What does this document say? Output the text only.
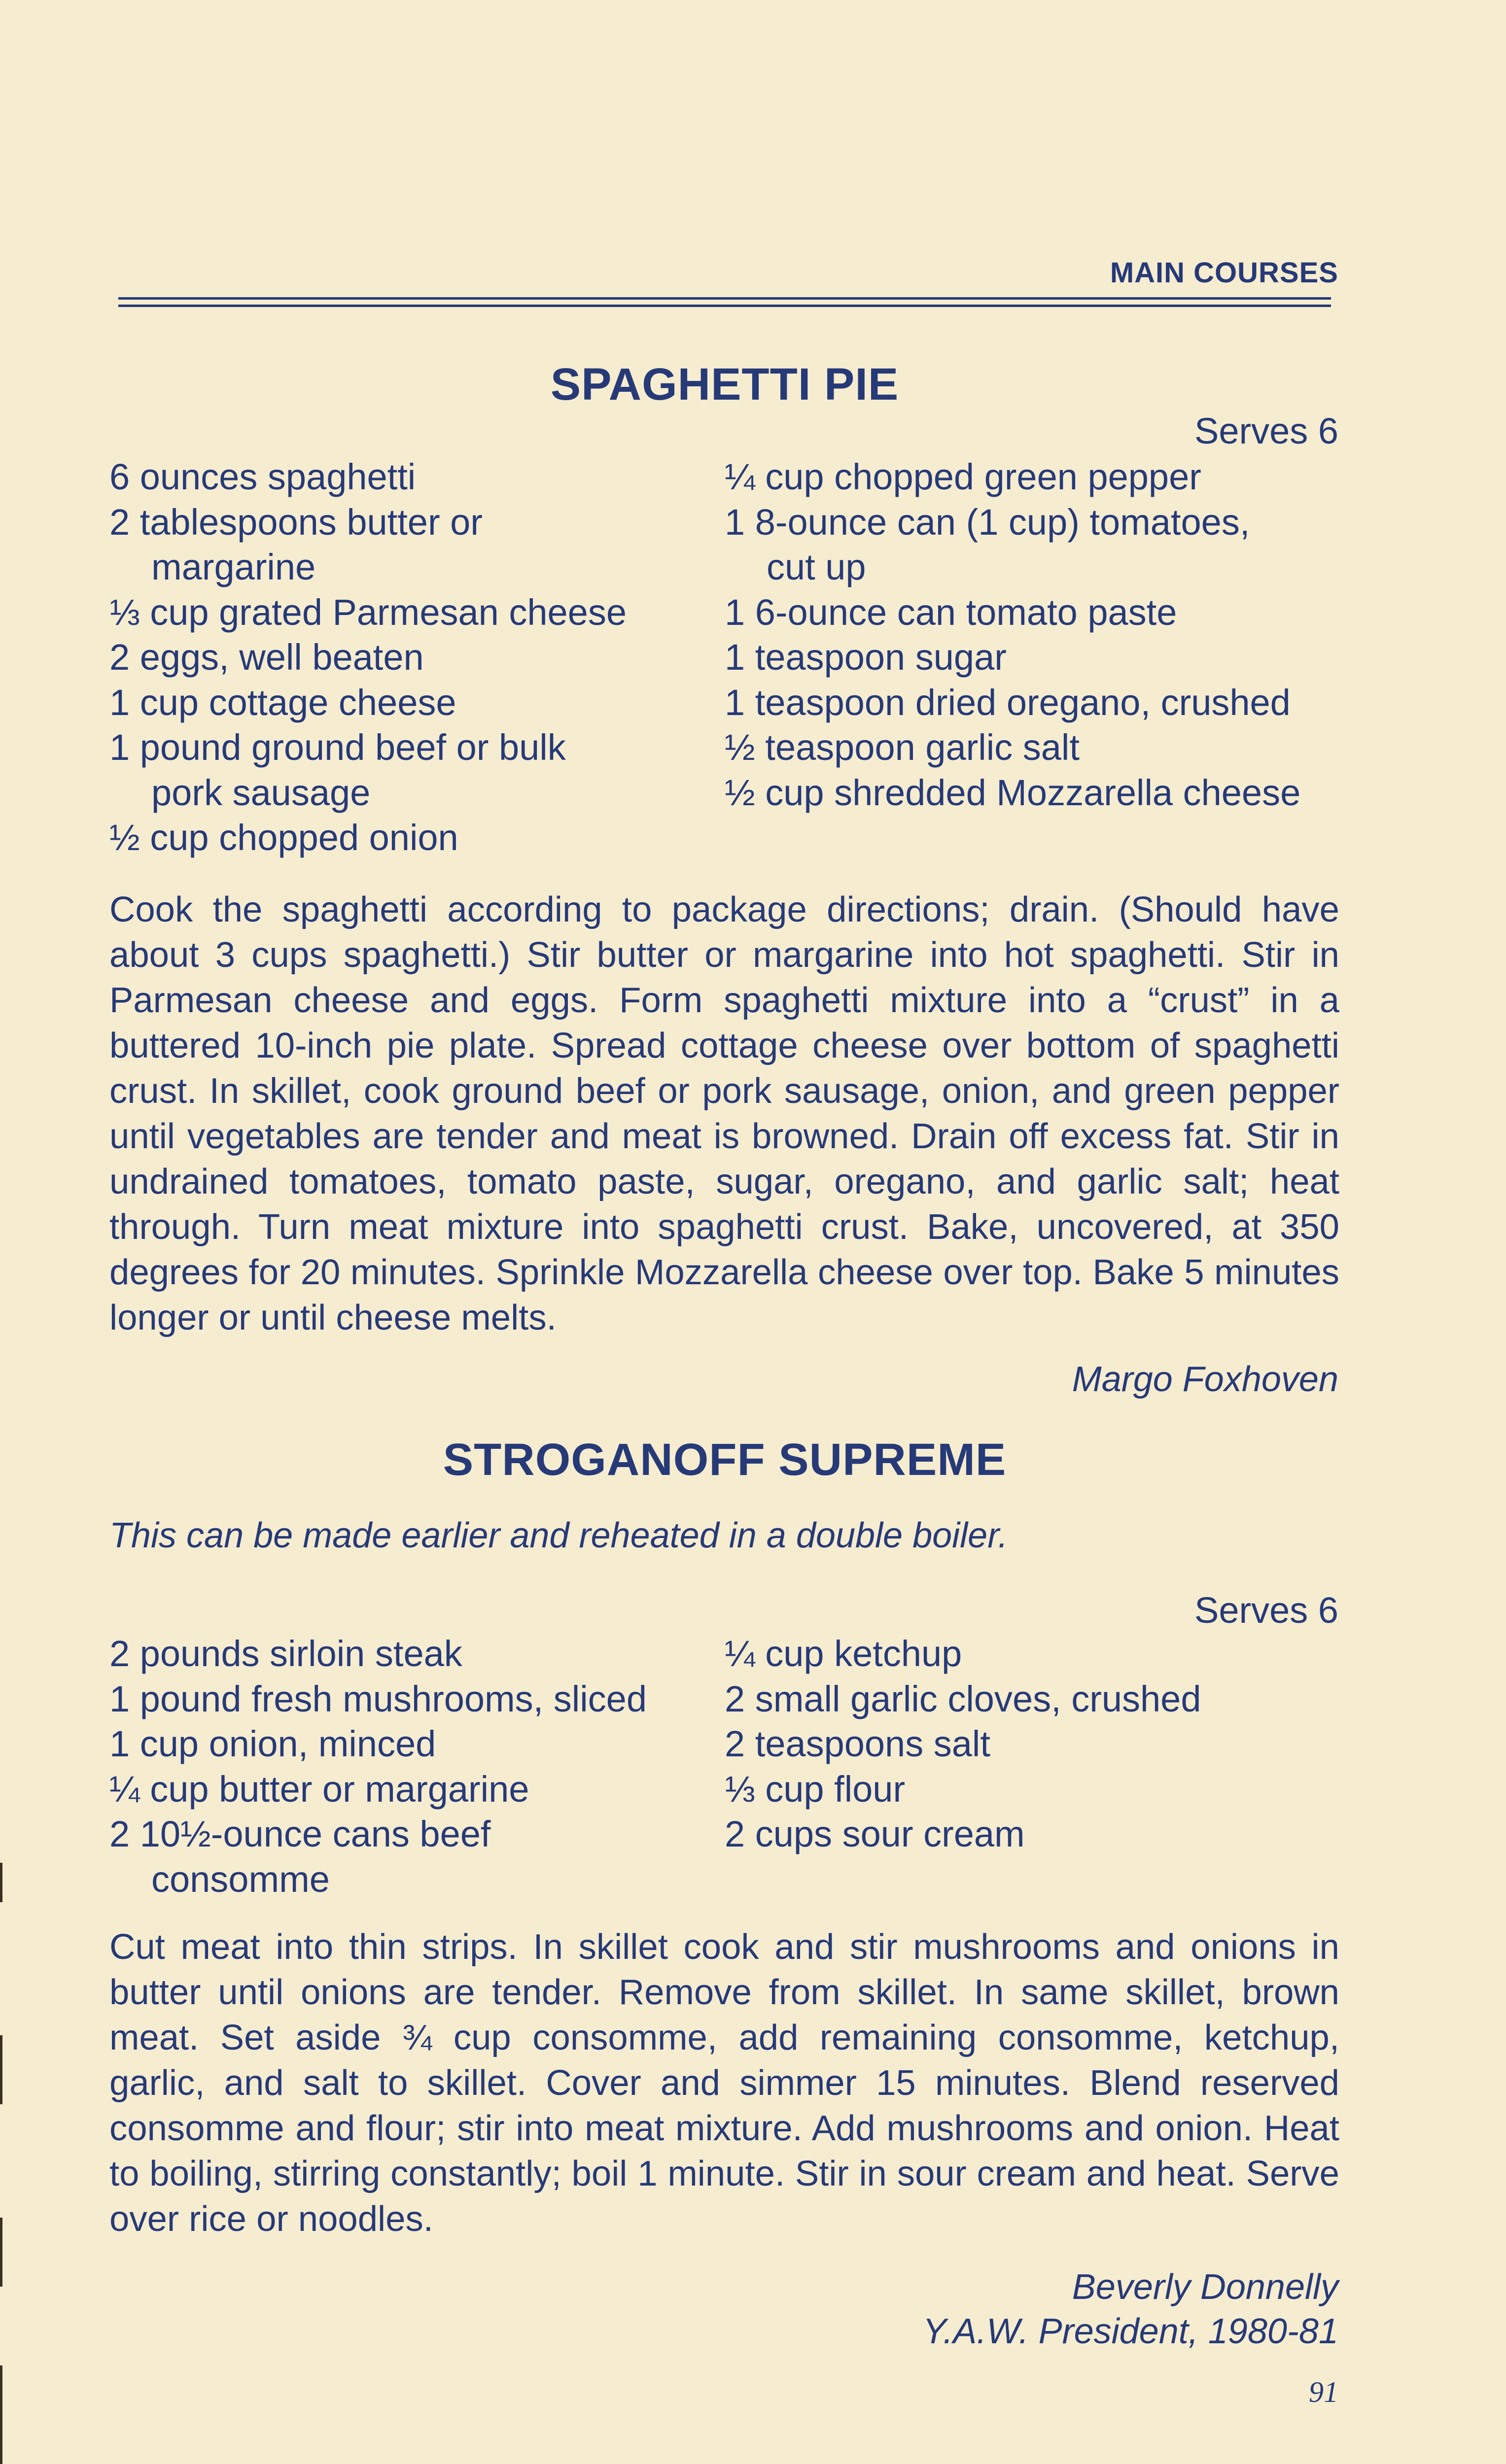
MAIN COURSES
SPAGHETTI PIE
Serves 6
6 ounces spaghetti
2 tablespoons butter or
margarine
⅓ cup grated Parmesan cheese
2 eggs, well beaten
1 cup cottage cheese
1 pound ground beef or bulk
pork sausage
½ cup chopped onion
¼ cup chopped green pepper
1 8-ounce can (1 cup) tomatoes,
cut up
1 6-ounce can tomato paste
1 teaspoon sugar
1 teaspoon dried oregano, crushed
½ teaspoon garlic salt
½ cup shredded Mozzarella cheese

Cook the spaghetti according to package directions; drain. (Should have about 3 cups spaghetti.) Stir butter or margarine into hot spaghetti. Stir in Parmesan cheese and eggs. Form spaghetti mixture into a “crust” in a buttered 10-inch pie plate. Spread cottage cheese over bottom of spaghetti crust. In skillet, cook ground beef or pork sausage, onion, and green pepper until vegetables are tender and meat is browned. Drain off excess fat. Stir in undrained tomatoes, tomato paste, sugar, oregano, and garlic salt; heat through. Turn meat mixture into spaghetti crust. Bake, uncovered, at 350 degrees for 20 minutes. Sprinkle Mozzarella cheese over top. Bake 5 minutes longer or until cheese melts.

Margo Foxhoven
STROGANOFF SUPREME
This can be made earlier and reheated in a double boiler.
Serves 6
2 pounds sirloin steak
1 pound fresh mushrooms, sliced
1 cup onion, minced
¼ cup butter or margarine
2 10½-ounce cans beef
consomme
¼ cup ketchup
2 small garlic cloves, crushed
2 teaspoons salt
⅓ cup flour
2 cups sour cream

Cut meat into thin strips. In skillet cook and stir mushrooms and onions in butter until onions are tender. Remove from skillet. In same skillet, brown meat. Set aside ¾ cup consomme, add remaining consomme, ketchup, garlic, and salt to skillet. Cover and simmer 15 minutes. Blend reserved consomme and flour; stir into meat mixture. Add mushrooms and onion. Heat to boiling, stirring constantly; boil 1 minute. Stir in sour cream and heat. Serve over rice or noodles.

Beverly Donnelly
Y.A.W. President, 1980-81
91
